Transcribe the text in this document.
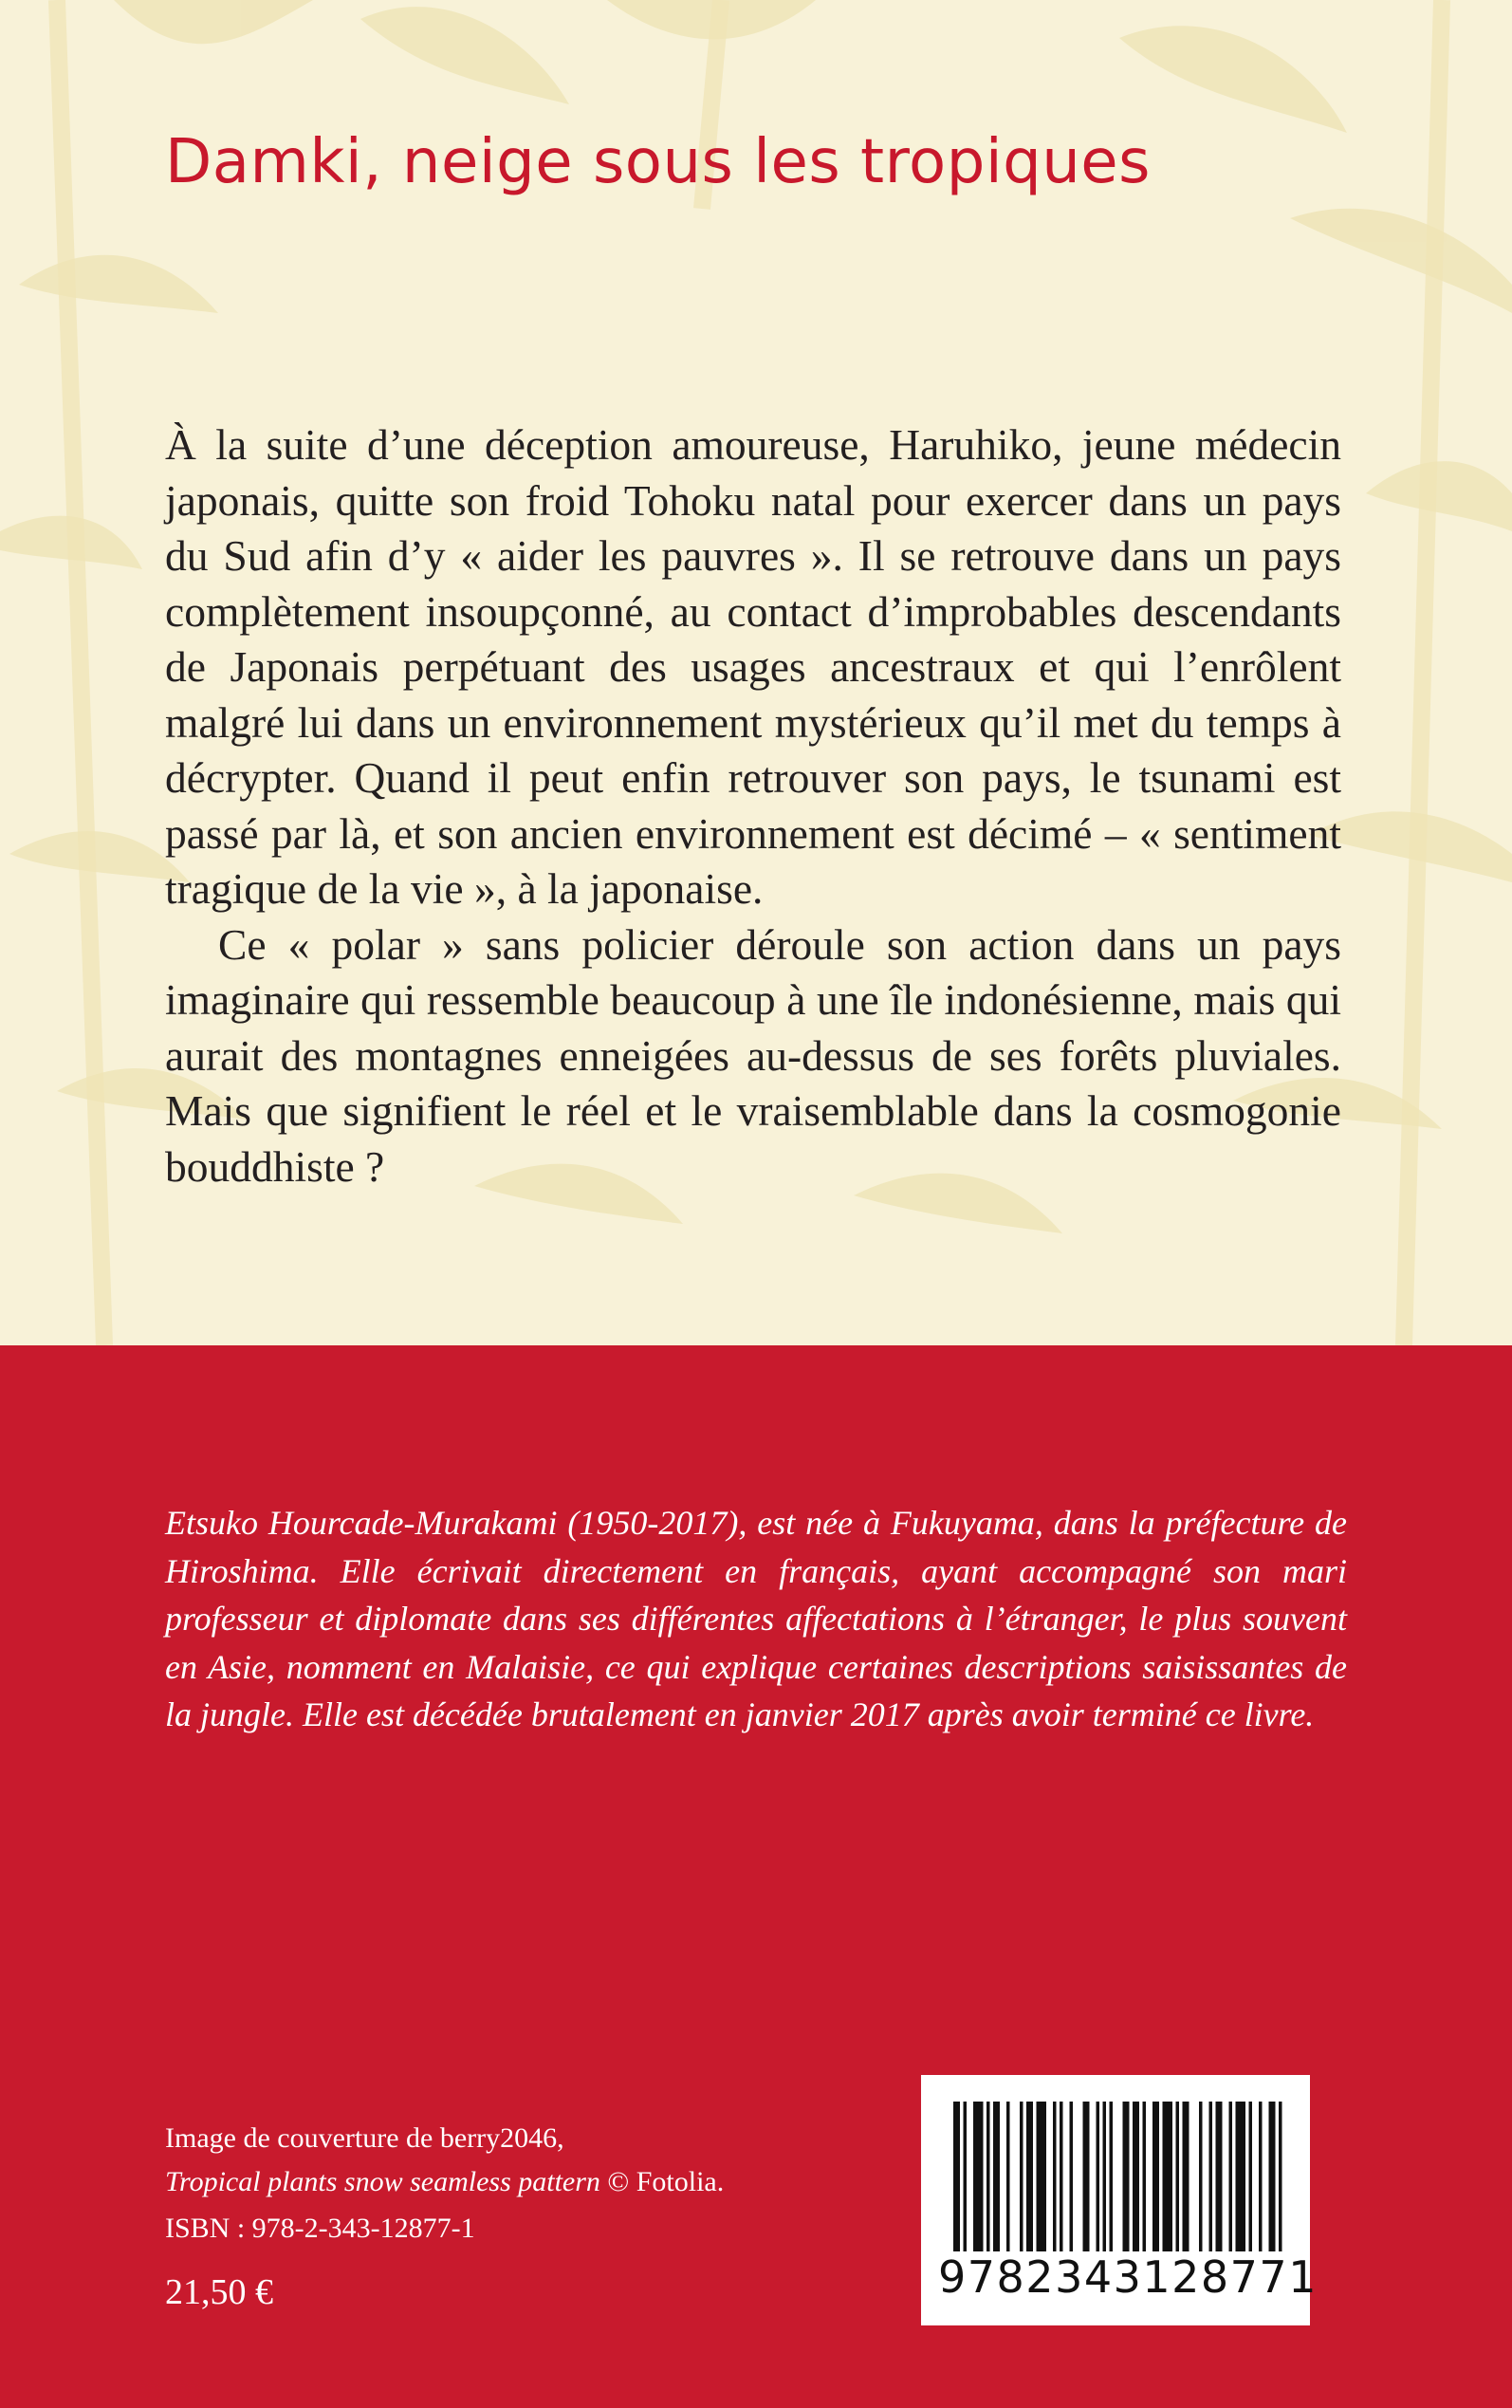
Damki, neige sous les tropiques

À la suite d’une déception amoureuse, Haruhiko, jeune médecin japonais, quitte son froid Tohoku natal pour exercer dans un pays du Sud afin d’y « aider les pauvres ». Il se retrouve dans un pays complètement insoupçonné, au contact d’improbables descendants de Japonais perpétuant des usages ancestraux et qui l’enrôlent malgré lui dans un environnement mystérieux qu’il met du temps à décrypter. Quand il peut enfin retrouver son pays, le tsunami est passé par là, et son ancien environnement est décimé – « sentiment tragique de la vie », à la japonaise.

Ce « polar » sans policier déroule son action dans un pays imaginaire qui ressemble beaucoup à une île indonésienne, mais qui aurait des montagnes enneigées au-dessus de ses forêts pluviales. Mais que signifient le réel et le vraisemblable dans la cosmogonie bouddhiste ?

Etsuko Hourcade-Murakami (1950-2017), est née à Fukuyama, dans la préfecture de Hiroshima. Elle écrivait directement en français, ayant accompagné son mari professeur et diplomate dans ses différentes affectations à l’étranger, le plus souvent en Asie, nomment en Malaisie, ce qui explique certaines descriptions saisissantes de la jungle. Elle est décédée brutalement en janvier 2017 après avoir terminé ce livre.

Image de couverture de berry2046,
Tropical plants snow seamless pattern © Fotolia.
ISBN : 978-2-343-12877-1
21,50 €	9782343128771
